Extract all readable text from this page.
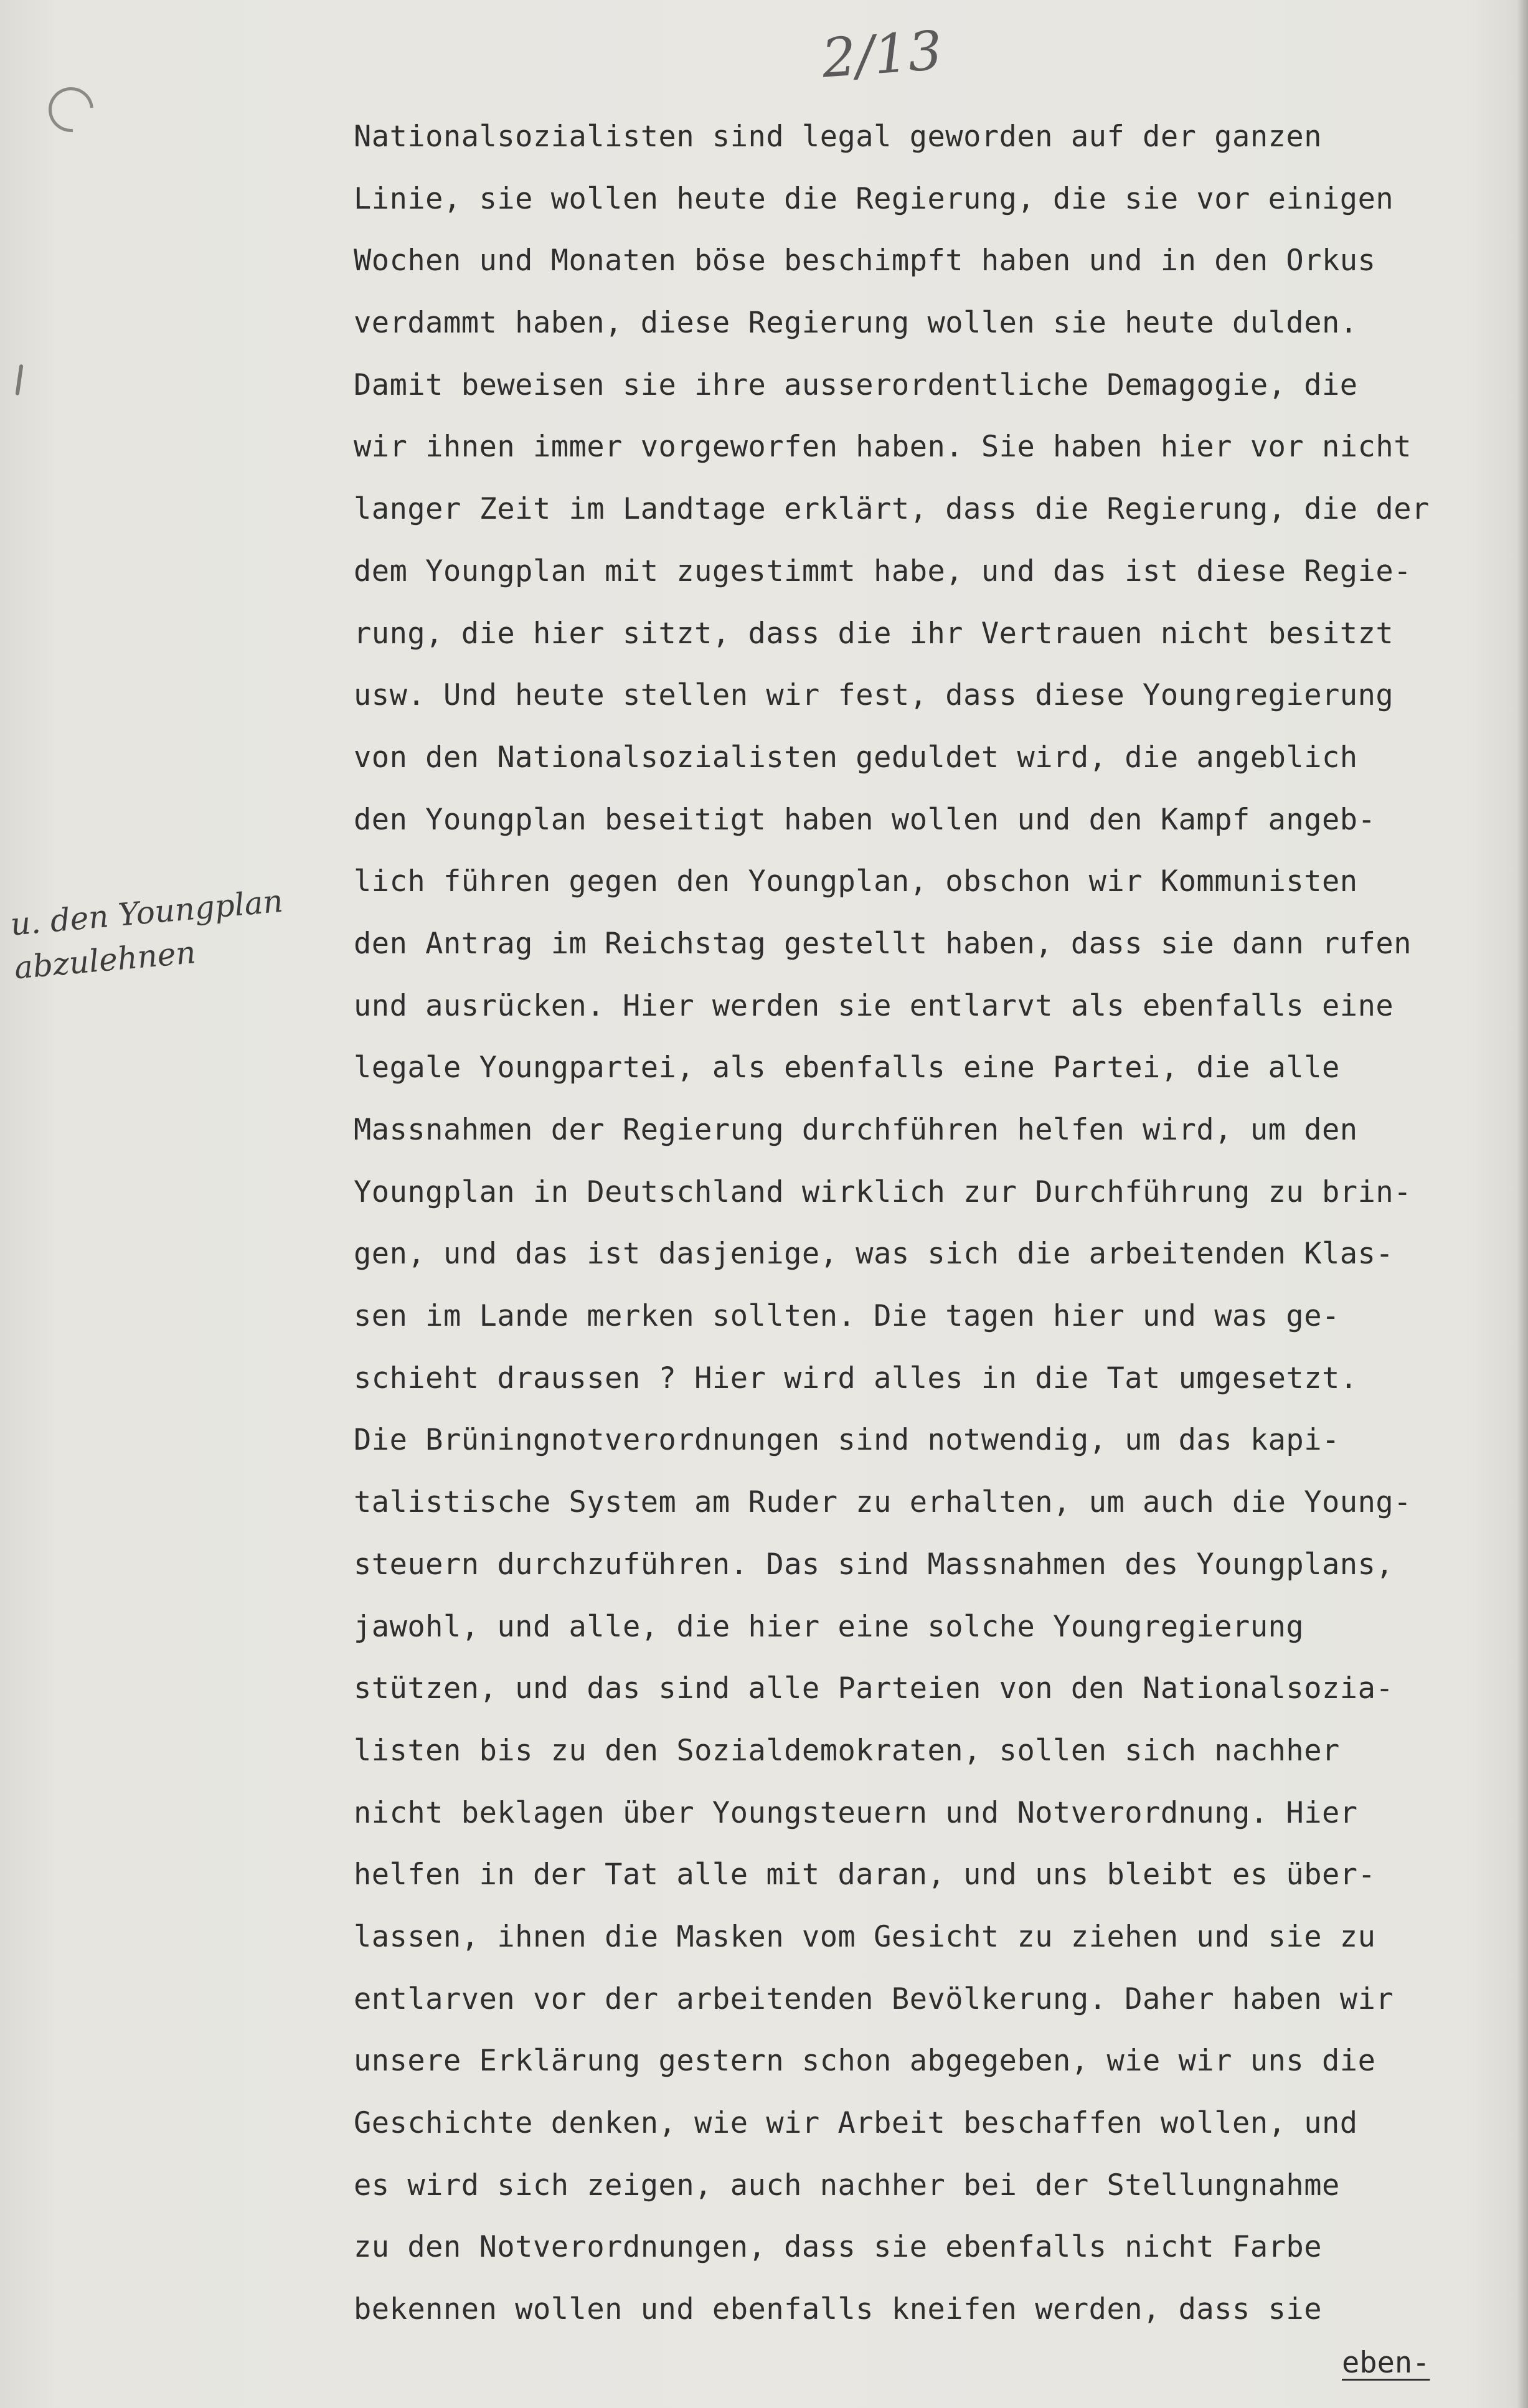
2/13
u. den Youngplan
abzulehnen
Nationalsozialisten sind legal geworden auf der ganzen
Linie, sie wollen heute die Regierung, die sie vor einigen
Wochen und Monaten böse beschimpft haben und in den Orkus
verdammt haben, diese Regierung wollen sie heute dulden.
Damit beweisen sie ihre ausserordentliche Demagogie, die
wir ihnen immer vorgeworfen haben. Sie haben hier vor nicht
langer Zeit im Landtage erklärt, dass die Regierung, die der
dem Youngplan mit zugestimmt habe, und das ist diese Regie-
rung, die hier sitzt, dass die ihr Vertrauen nicht besitzt
usw. Und heute stellen wir fest, dass diese Youngregierung
von den Nationalsozialisten geduldet wird, die angeblich
den Youngplan beseitigt haben wollen und den Kampf angeb-
lich führen gegen den Youngplan, obschon wir Kommunisten
den Antrag im Reichstag gestellt haben, dass sie dann rufen
und ausrücken. Hier werden sie entlarvt als ebenfalls eine
legale Youngpartei, als ebenfalls eine Partei, die alle
Massnahmen der Regierung durchführen helfen wird, um den
Youngplan in Deutschland wirklich zur Durchführung zu brin-
gen, und das ist dasjenige, was sich die arbeitenden Klas-
sen im Lande merken sollten. Die tagen hier und was ge-
schieht draussen ? Hier wird alles in die Tat umgesetzt.
Die Brüningnotverordnungen sind notwendig, um das kapi-
talistische System am Ruder zu erhalten, um auch die Young-
steuern durchzuführen. Das sind Massnahmen des Youngplans,
jawohl, und alle, die hier eine solche Youngregierung
stützen, und das sind alle Parteien von den Nationalsozia-
listen bis zu den Sozialdemokraten, sollen sich nachher
nicht beklagen über Youngsteuern und Notverordnung. Hier
helfen in der Tat alle mit daran, und uns bleibt es über-
lassen, ihnen die Masken vom Gesicht zu ziehen und sie zu
entlarven vor der arbeitenden Bevölkerung. Daher haben wir
unsere Erklärung gestern schon abgegeben, wie wir uns die
Geschichte denken, wie wir Arbeit beschaffen wollen, und
es wird sich zeigen, auch nachher bei der Stellungnahme
zu den Notverordnungen, dass sie ebenfalls nicht Farbe
bekennen wollen und ebenfalls kneifen werden, dass sie
eben-
